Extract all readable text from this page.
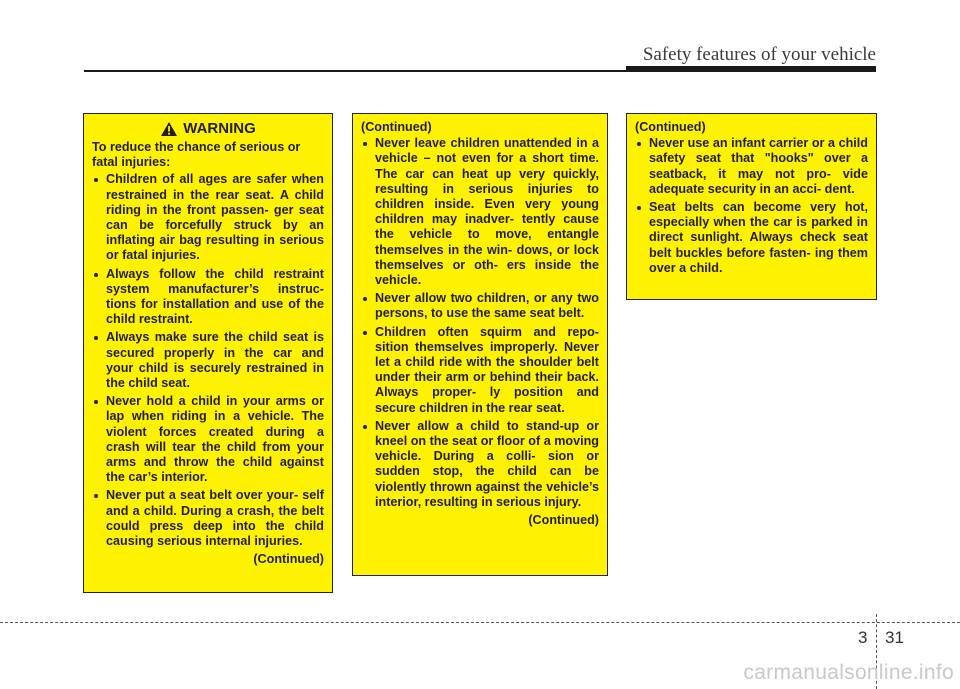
Safety features of your vehicle
WARNING

To reduce the chance of serious or fatal injuries:

Children of all ages are safer when restrained in the rear seat. A child riding in the front passen- ger seat can be forcefully struck by an inflating air bag resulting in serious or fatal injuries.
Always follow the child restraint system manufacturer’s instruc- tions for installation and use of the child restraint.
Always make sure the child seat is secured properly in the car and your child is securely restrained in the child seat.
Never hold a child in your arms or lap when riding in a vehicle. The violent forces created during a crash will tear the child from your arms and throw the child against the car’s interior.
Never put a seat belt over your- self and a child. During a crash, the belt could press deep into the child causing serious internal injuries.
(Continued)

(Continued)

Never leave children unattended in a vehicle – not even for a short time. The car can heat up very quickly, resulting in serious injuries to children inside. Even very young children may inadver- tently cause the vehicle to move, entangle themselves in the win- dows, or lock themselves or oth- ers inside the vehicle.
Never allow two children, or any two persons, to use the same seat belt.
Children often squirm and repo- sition themselves improperly. Never let a child ride with the shoulder belt under their arm or behind their back. Always proper- ly position and secure children in the rear seat.
Never allow a child to stand-up or kneel on the seat or floor of a moving vehicle. During a colli- sion or sudden stop, the child can be violently thrown against the vehicle’s interior, resulting in serious injury.
(Continued)

(Continued)

Never use an infant carrier or a child safety seat that "hooks" over a seatback, it may not pro- vide adequate security in an acci- dent.
Seat belts can become very hot, especially when the car is parked in direct sunlight. Always check seat belt buckles before fasten- ing them over a child.
3 31
carmanualsonline.info
